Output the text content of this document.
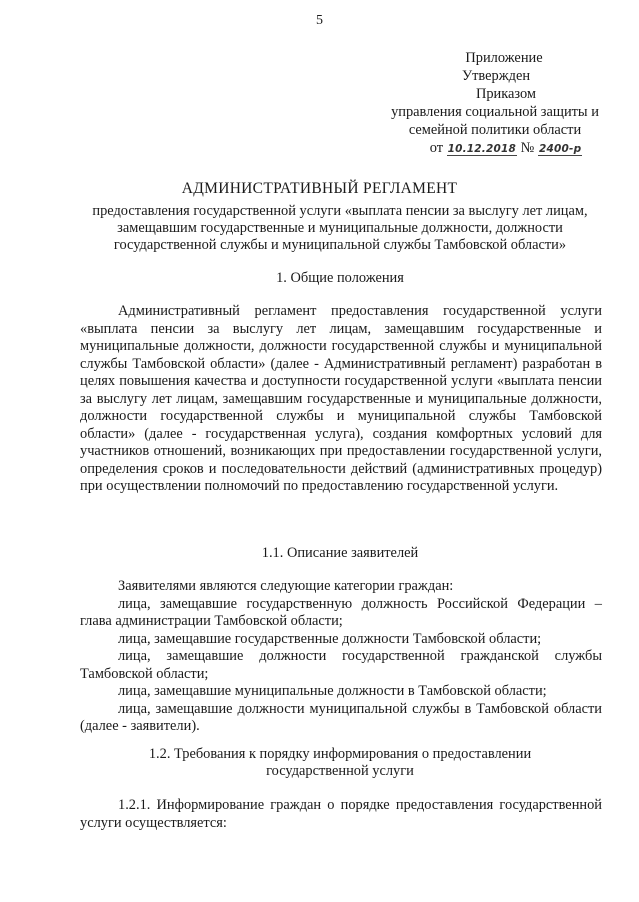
5
Приложение
Утвержден
Приказом
управления социальной защиты и
семейной политики области
от 10.12.2018 № 2400-р
АДМИНИСТРАТИВНЫЙ РЕГЛАМЕНТ
предоставления государственной услуги «выплата пенсии за выслугу лет лицам, замещавшим государственные и муниципальные должности, должности государственной службы и муниципальной службы Тамбовской области»
1. Общие положения

Административный регламент предоставления государственной услуги «выплата пенсии за выслугу лет лицам, замещавшим государственные и муниципальные должности, должности государственной службы и муниципальной службы Тамбовской области» (далее - Административный регламент) разработан в целях повышения качества и доступности государственной услуги «выплата пенсии за выслугу лет лицам, замещавшим государственные и муниципальные должности, должности государственной службы и муниципальной службы Тамбовской области» (далее - государственная услуга), создания комфортных условий для участников отношений, возникающих при предоставлении государственной услуги, определения сроков и последовательности действий (административных процедур) при осуществлении полномочий по предоставлению государственной услуги.

1.1. Описание заявителей

Заявителями являются следующие категории граждан:

лица, замещавшие государственную должность Российской Федерации – глава администрации Тамбовской области;

лица, замещавшие государственные должности Тамбовской области;

лица, замещавшие должности государственной гражданской службы Тамбовской области;

лица, замещавшие муниципальные должности в Тамбовской области;

лица, замещавшие должности муниципальной службы в Тамбовской области (далее - заявители).

1.2. Требования к порядку информирования о предоставлении
государственной услуги

1.2.1. Информирование граждан о порядке предоставления государственной услуги осуществляется:
